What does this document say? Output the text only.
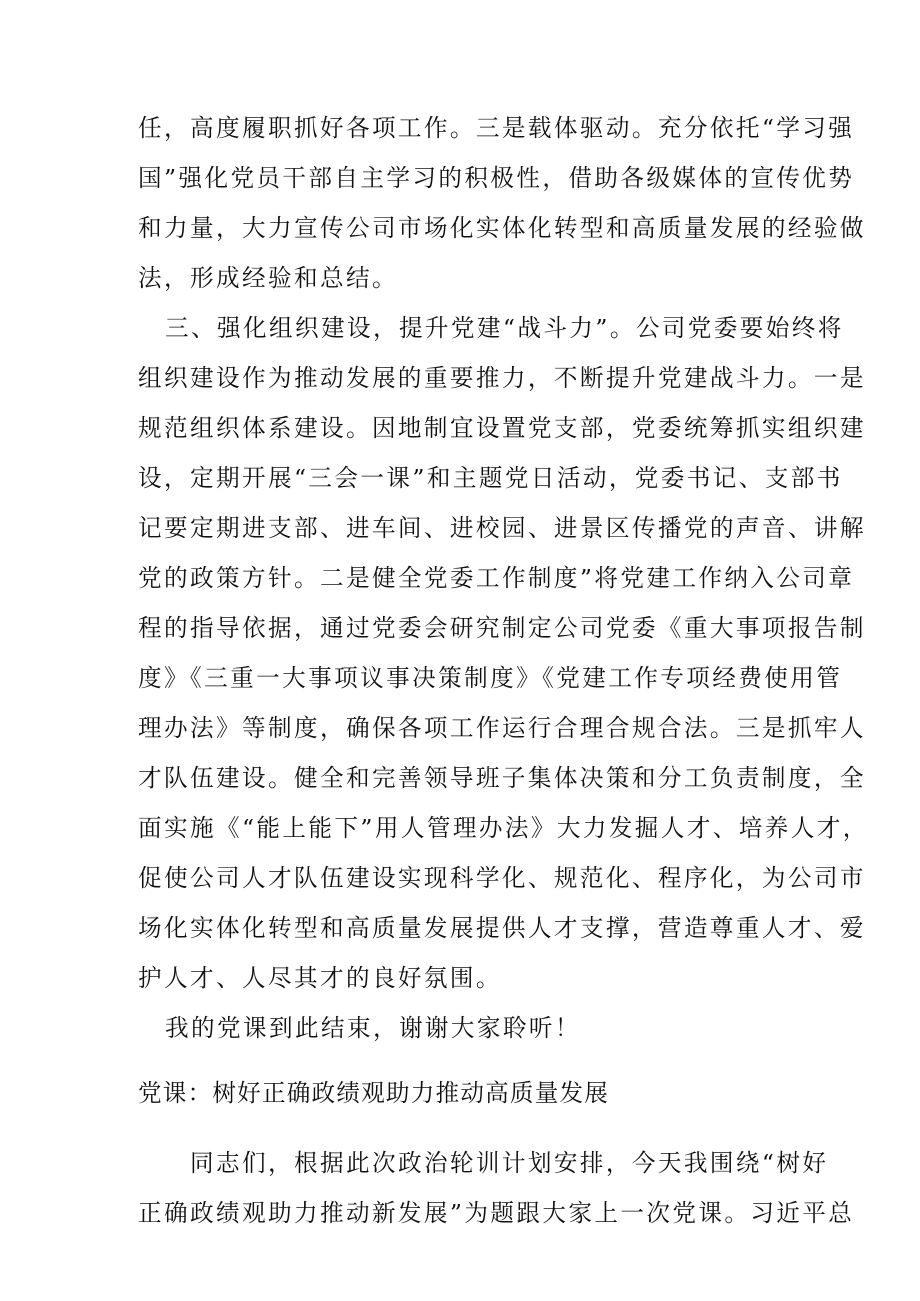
任，高度履职抓好各项工作。三是载体驱动。充分依托“学习强
国”强化党员干部自主学习的积极性，借助各级媒体的宣传优势
和力量，大力宣传公司市场化实体化转型和高质量发展的经验做
法，形成经验和总结。
三、强化组织建设，提升党建“战斗力”。公司党委要始终将
组织建设作为推动发展的重要推力，不断提升党建战斗力。一是
规范组织体系建设。因地制宜设置党支部，党委统筹抓实组织建
设，定期开展“三会一课”和主题党日活动，党委书记、支部书
记要定期进支部、进车间、进校园、进景区传播党的声音、讲解
党的政策方针。二是健全党委工作制度”将党建工作纳入公司章
程的指导依据，通过党委会研究制定公司党委《重大事项报告制
度》《三重一大事项议事决策制度》《党建工作专项经费使用管
理办法》等制度，确保各项工作运行合理合规合法。三是抓牢人
才队伍建设。健全和完善领导班子集体决策和分工负责制度，全
面实施《“能上能下”用人管理办法》大力发掘人才、培养人才，
促使公司人才队伍建设实现科学化、规范化、程序化，为公司市
场化实体化转型和高质量发展提供人才支撑，营造尊重人才、爱
护人才、人尽其才的良好氛围。
我的党课到此结束，谢谢大家聆听！
党课：树好正确政绩观助力推动高质量发展
同志们，根据此次政治轮训计划安排，今天我围绕“树好
正确政绩观助力推动新发展”为题跟大家上一次党课。习近平总
